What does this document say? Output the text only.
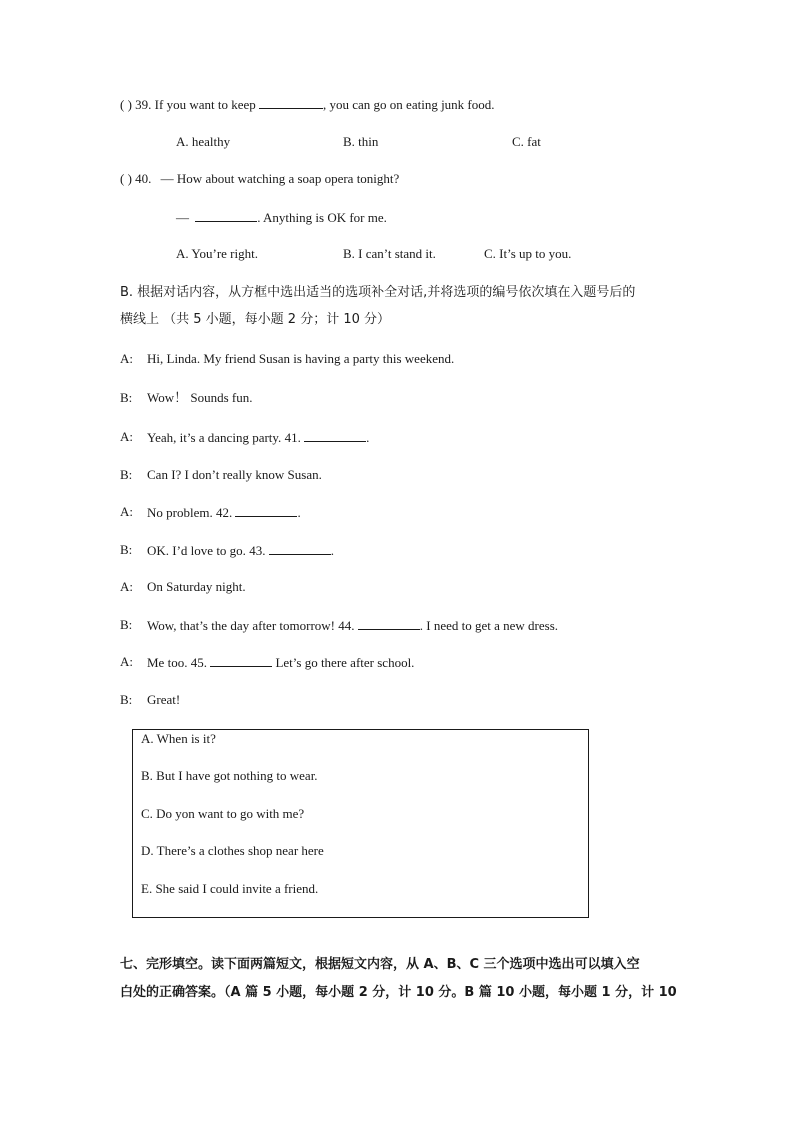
( ) 39. If you want to keep	, you can go on eating junk food.
A. healthy	B. thin	C. fat
( ) 40. — How about watching a soap opera tonight?
—	. Anything is OK for me.
A. You’re right.	B. I can’t stand it.	C. It’s up to you.
B. 根据对话内容，从方框中选出适当的选项补全对话,并将选项的编号依次填在入题号后的
横线上 （共 5 小题，每小题 2 分；计 10 分）
A: Hi, Linda. My friend Susan is having a party this weekend.
B: Wow！ Sounds fun.
A: Yeah, it’s a dancing party. 41.	.
B: Can I? I don’t really know Susan.
A: No problem. 42.	.
B: OK. I’d love to go. 43.	.
A: On Saturday night.
B: Wow, that’s the day after tomorrow! 44.	. I need to get a new dress.
A: Me too. 45.	Let’s go there after school.
B: Great!
A. When is it?
B. But I have got nothing to wear.
C. Do yon want to go with me?
D. There’s a clothes shop near here
E. She said I could invite a friend.
七、完形填空。读下面两篇短文，根据短文内容，从 A、B、C 三个选项中选出可以填入空
白处的正确答案。（A 篇 5 小题，每小题 2 分，计 10 分。B 篇 10 小题，每小题 1 分，计 10
